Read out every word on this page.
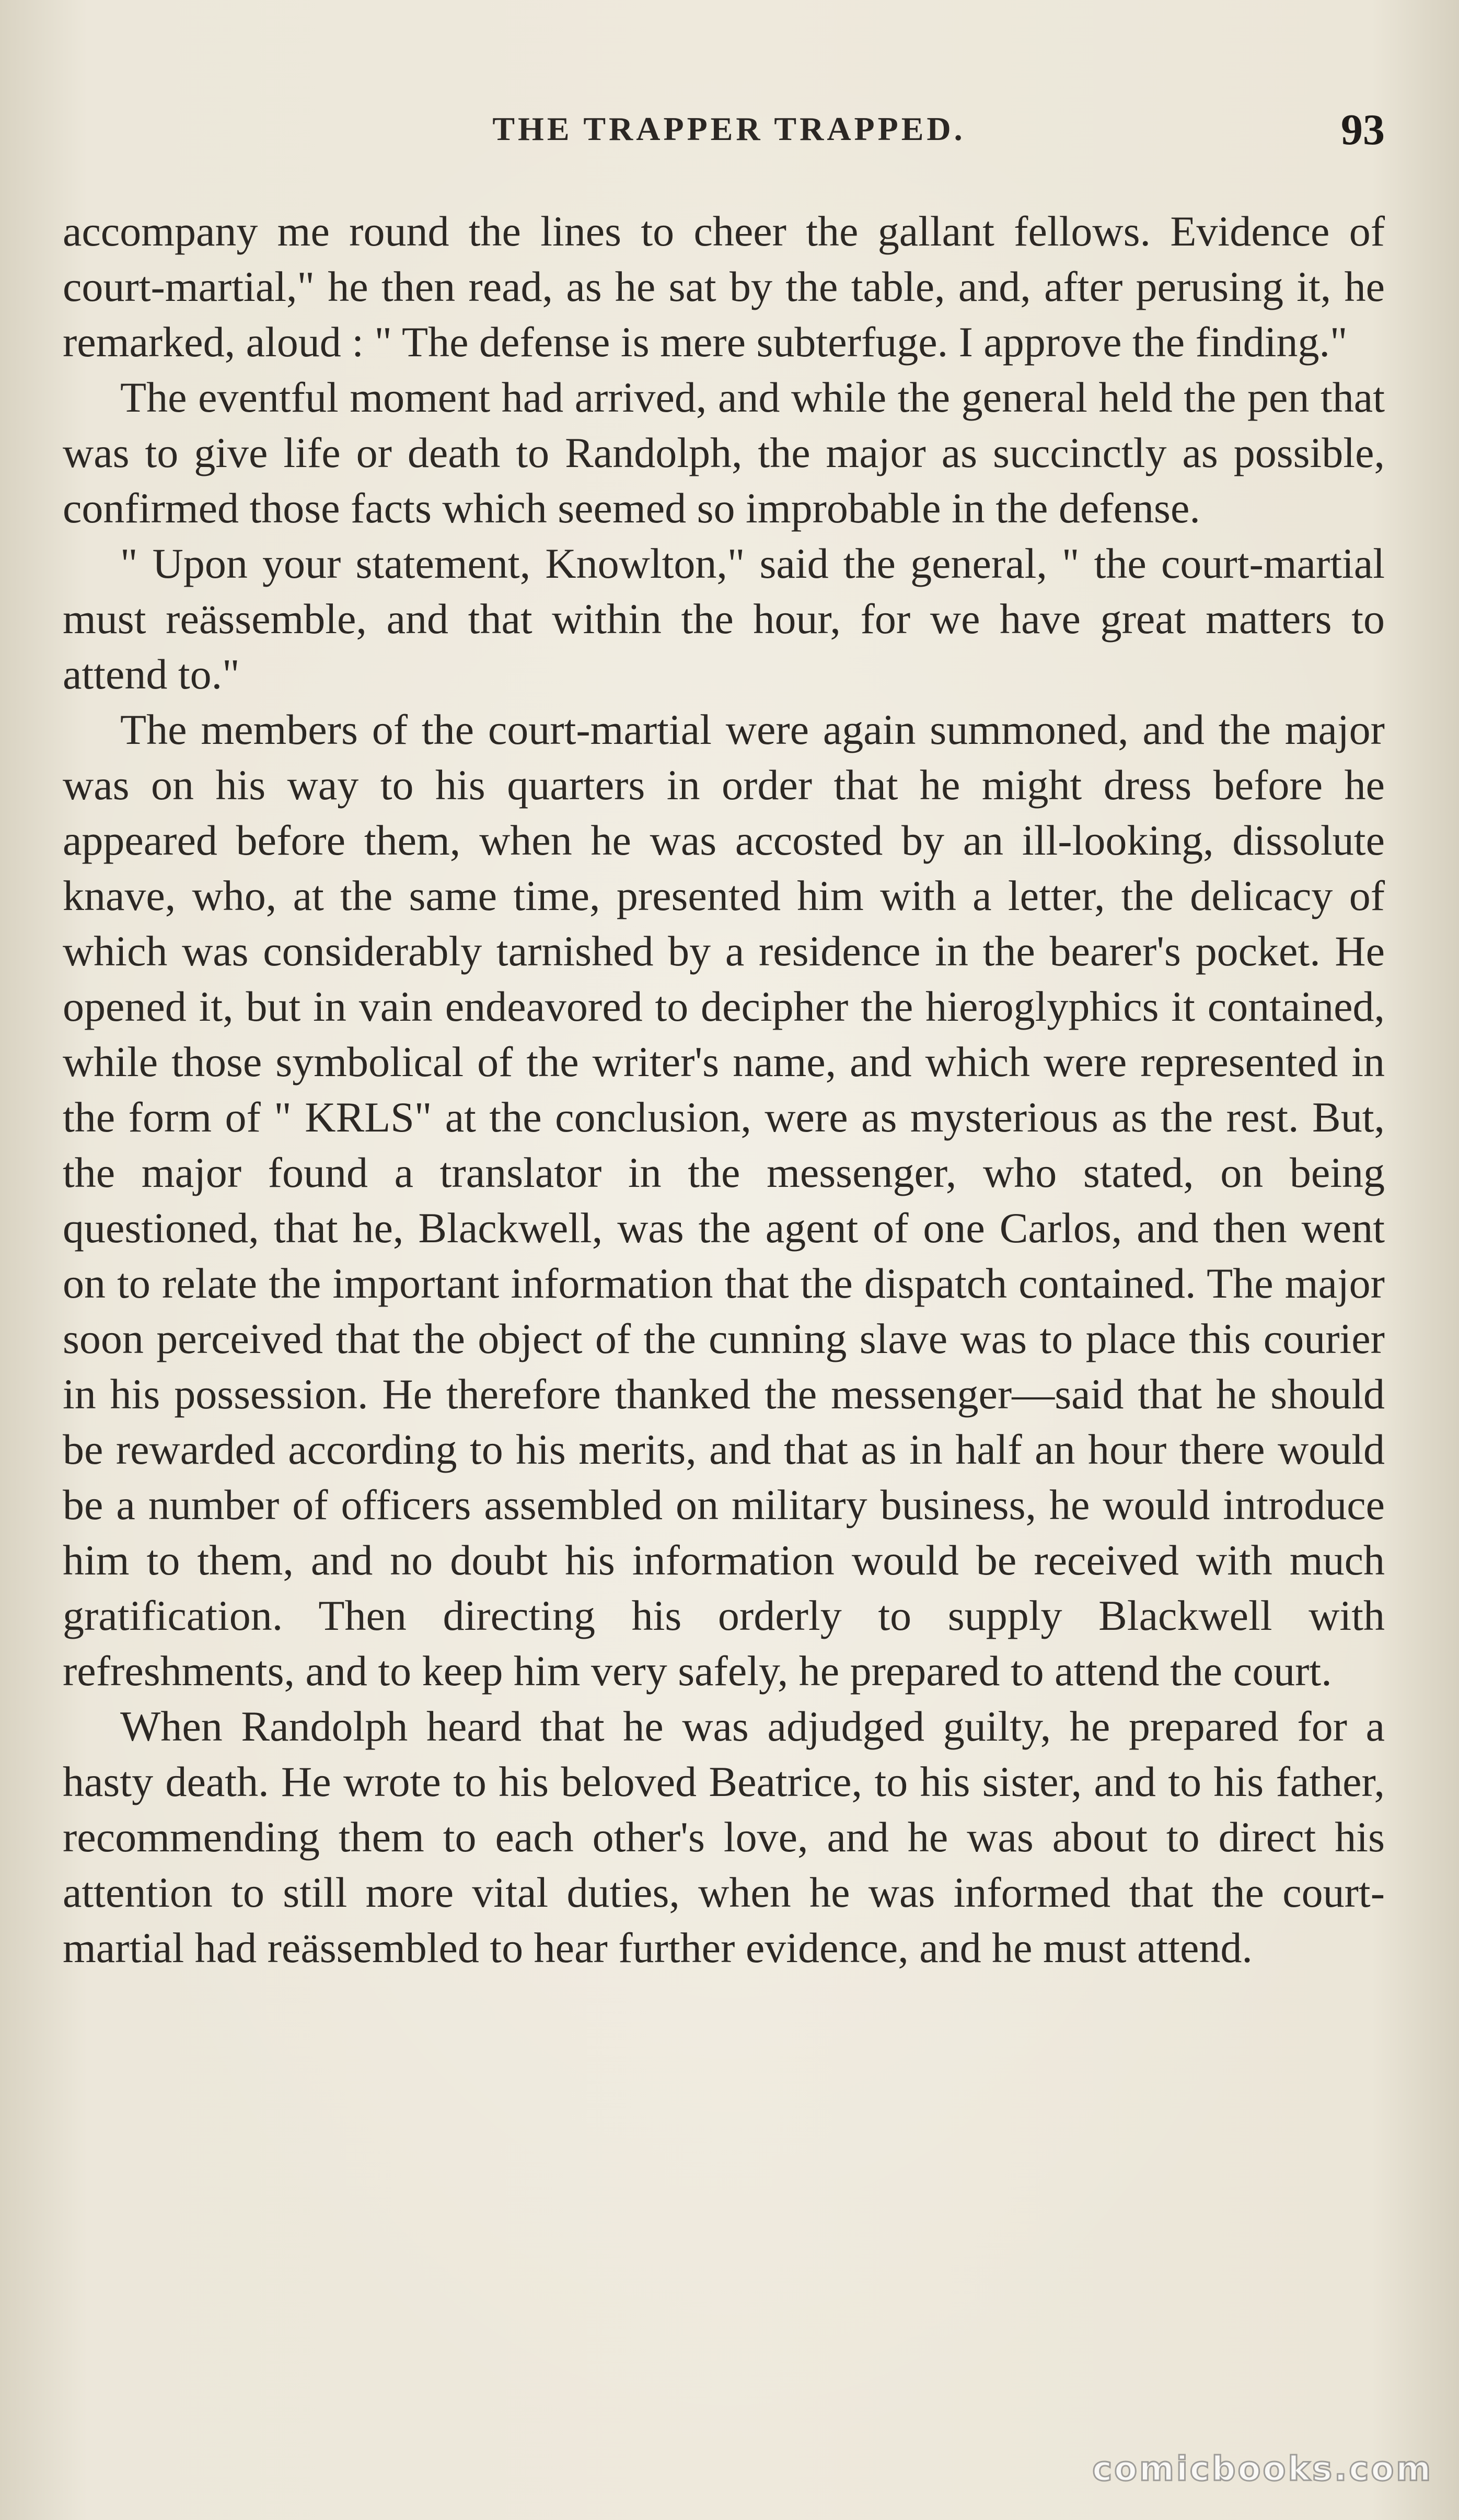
THE TRAPPER TRAPPED.	93

accompany me round the lines to cheer the gallant fellows. Evidence of court-martial," he then read, as he sat by the table, and, after perusing it, he remarked, aloud : " The defense is mere subterfuge. I approve the finding."

The eventful moment had arrived, and while the general held the pen that was to give life or death to Randolph, the major as succinctly as possible, confirmed those facts which seemed so improbable in the defense.

" Upon your statement, Knowlton," said the general, " the court-martial must reässemble, and that within the hour, for we have great matters to attend to."

The members of the court-martial were again summoned, and the major was on his way to his quarters in order that he might dress before he appeared before them, when he was accosted by an ill-looking, dissolute knave, who, at the same time, presented him with a letter, the delicacy of which was considerably tarnished by a residence in the bearer's pocket. He opened it, but in vain endeavored to decipher the hieroglyphics it contained, while those symbolical of the writer's name, and which were represented in the form of " KRLS" at the conclusion, were as mysterious as the rest. But, the major found a translator in the messenger, who stated, on being questioned, that he, Blackwell, was the agent of one Carlos, and then went on to relate the important information that the dispatch contained. The major soon perceived that the object of the cunning slave was to place this courier in his possession. He therefore thanked the messenger—said that he should be rewarded according to his merits, and that as in half an hour there would be a number of officers assembled on military business, he would introduce him to them, and no doubt his information would be received with much gratification. Then directing his orderly to supply Blackwell with refreshments, and to keep him very safely, he prepared to attend the court.

When Randolph heard that he was adjudged guilty, he prepared for a hasty death. He wrote to his beloved Beatrice, to his sister, and to his father, recommending them to each other's love, and he was about to direct his attention to still more vital duties, when he was informed that the court-martial had reässembled to hear further evidence, and he must attend.

comicbooks.com
